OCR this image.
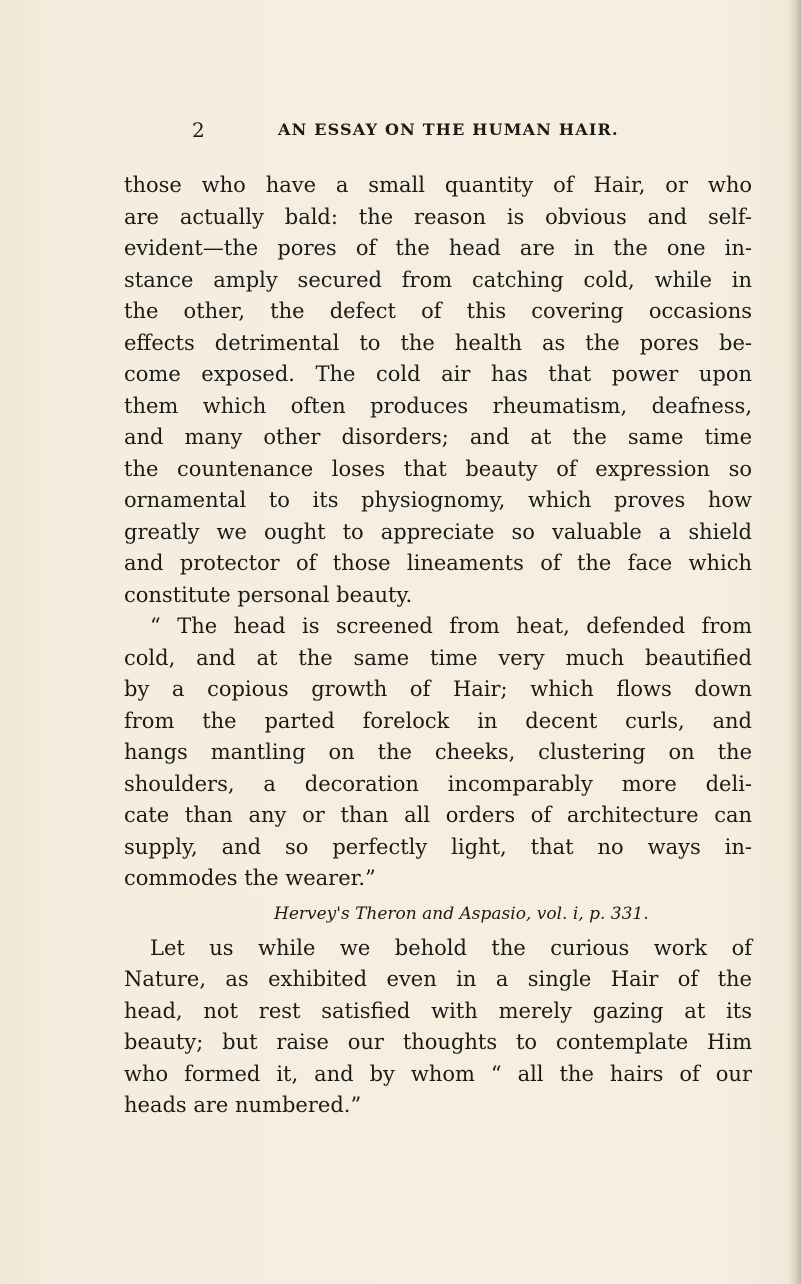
2	AN ESSAY ON THE HUMAN HAIR.
those who have a small quantity of Hair, or who
are actually bald: the reason is obvious and self-
evident—the pores of the head are in the one in-
stance amply secured from catching cold, while in
the other, the defect of this covering occasions
effects detrimental to the health as the pores be-
come exposed. The cold air has that power upon
them which often produces rheumatism, deafness,
and many other disorders; and at the same time
the countenance loses that beauty of expression so
ornamental to its physiognomy, which proves how
greatly we ought to appreciate so valuable a shield
and protector of those lineaments of the face which
constitute personal beauty.
“ The head is screened from heat, defended from
cold, and at the same time very much beautified
by a copious growth of Hair; which flows down
from the parted forelock in decent curls, and
hangs mantling on the cheeks, clustering on the
shoulders, a decoration incomparably more deli-
cate than any or than all orders of architecture can
supply, and so perfectly light, that no ways in-
commodes the wearer.”
Hervey's Theron and Aspasio, vol. i, p. 331.
Let us while we behold the curious work of
Nature, as exhibited even in a single Hair of the
head, not rest satisfied with merely gazing at its
beauty; but raise our thoughts to contemplate Him
who formed it, and by whom “ all the hairs of our
heads are numbered.”
